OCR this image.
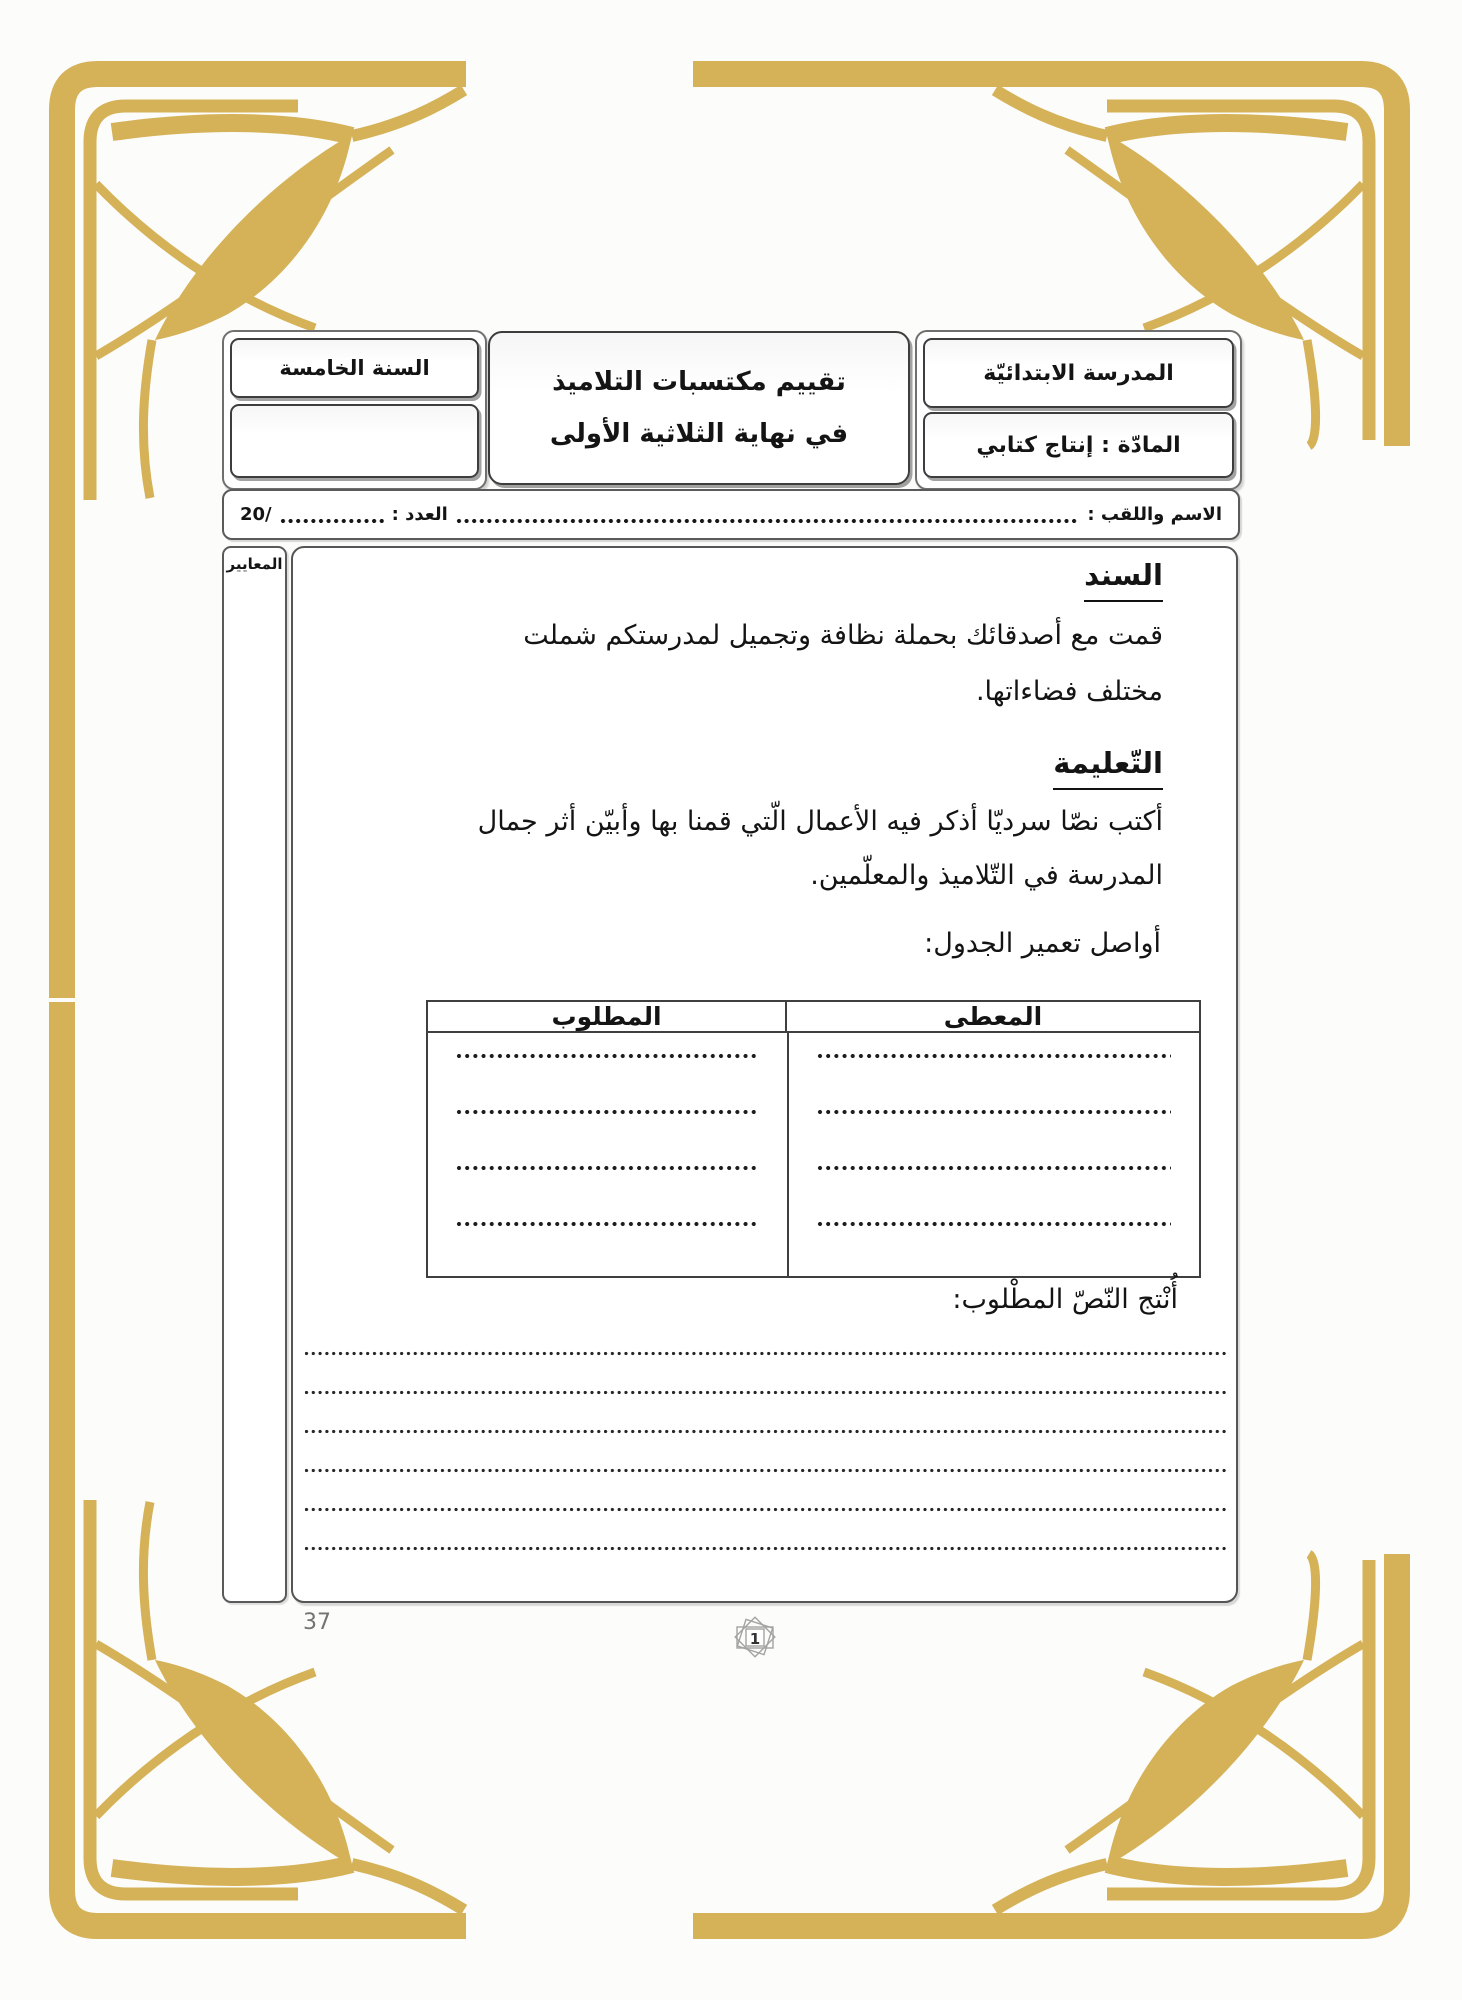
المدرسة الابتدائيّة
المادّة : إنتاج كتابي
تقييم مكتسبات التلاميذ
في نهاية الثلاثية الأولى
السنة الخامسة
الاسم واللقب :
العدد :
20/
المعايير	السند
قمت مع أصدقائك بحملة نظافة وتجميل لمدرستكم شملت
مختلف فضاءاتها.
التّعليمة
أكتب نصّا سرديّا أذكر فيه الأعمال الّتي قمنا بها وأبيّن أثر جمال
المدرسة في التّلاميذ والمعلّمين.
أواصل تعمير الجدول:
المعطى
المطلوب
أُنْتج النّصّ المطْلوب:
37
1
